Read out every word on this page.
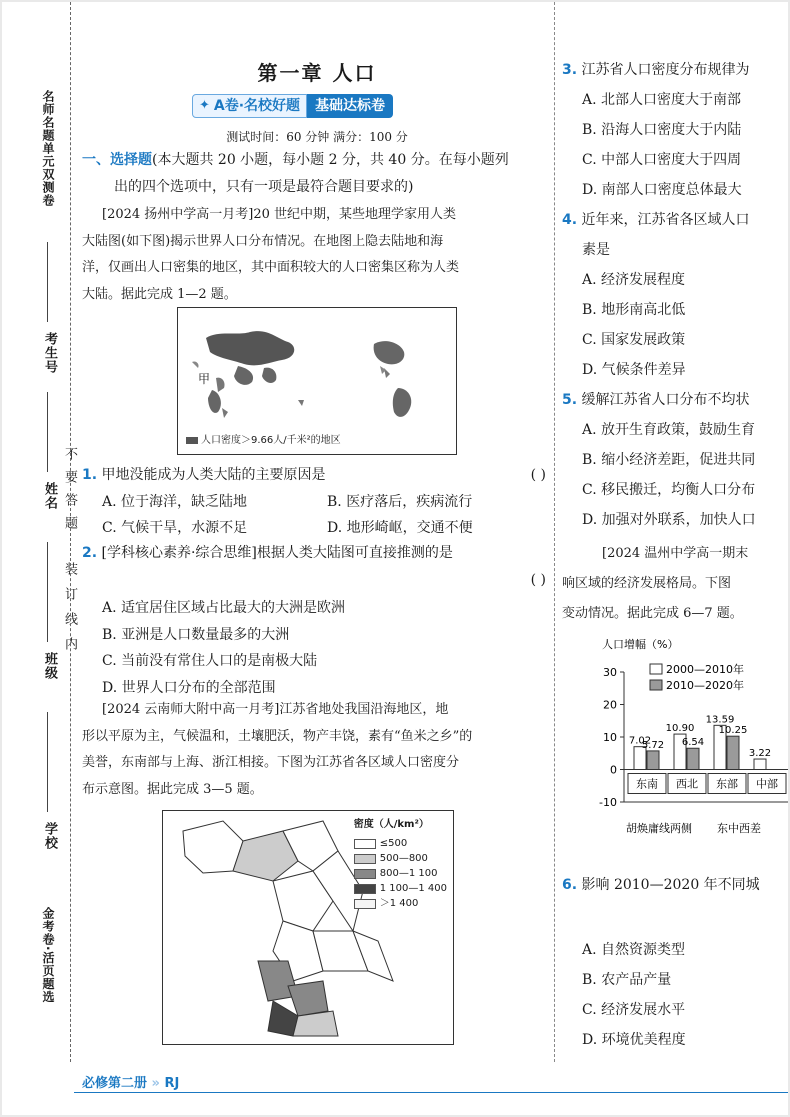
名师名题单元双测卷
考生号
姓名 不要答题
装订线内
班级
学校
金考卷·活页题选
第一章 人口
✦ A卷·名校好题	基础达标卷
测试时间：60 分钟 满分：100 分
一、选择题(本大题共 20 小题，每小题 2 分，共 40 分。在每小题列
出的四个选项中，只有一项是最符合题目要求的)
[2024 扬州中学高一月考]20 世纪中期，某些地理学家用人类
大陆图(如下图)揭示世界人口分布情况。在地图上隐去陆地和海
洋，仅画出人口密集的地区，其中面积较大的人口密集区称为人类
大陆。据此完成 1—2 题。
甲
人口密度＞9.66人/千米²的地区
1. 甲地没能成为人类大陆的主要原因是	( )
A. 位于海洋，缺乏陆地	B. 医疗落后，疾病流行
C. 气候干旱，水源不足	D. 地形崎岖，交通不便
2. [学科核心素养·综合思维]根据人类大陆图可直接推测的是
( )
A. 适宜居住区域占比最大的大洲是欧洲
B. 亚洲是人口数量最多的大洲
C. 当前没有常住人口的是南极大陆
D. 世界人口分布的全部范围
[2024 云南师大附中高一月考]江苏省地处我国沿海地区，地
形以平原为主，气候温和，土壤肥沃，物产丰饶，素有“鱼米之乡”的
美誉，东南部与上海、浙江相接。下图为江苏省各区域人口密度分
布示意图。据此完成 3—5 题。
密度（人/km²）
≤500
500—800
800—1 100
1 100—1 400
＞1 400
3. 江苏省人口密度分布规律为
A. 北部人口密度大于南部
B. 沿海人口密度大于内陆
C. 中部人口密度大于四周
D. 南部人口密度总体最大
4. 近年来，江苏省各区域人口
素是
A. 经济发展程度
B. 地形南高北低
C. 国家发展政策
D. 气候条件差异
5. 缓解江苏省人口分布不均状
A. 放开生育政策，鼓励生育
B. 缩小经济差距，促进共同
C. 移民搬迁，均衡人口分布
D. 加强对外联系，加快人口
[2024 温州中学高一期末
响区域的经济发展格局。下图
变动情况。据此完成 6—7 题。
6. 影响 2010—2020 年不同城
A. 自然资源类型
B. 农产品产量
C. 经济发展水平
D. 环境优美程度
人口增幅（%）
-10
0
10
20
30	2000—2010年
2010—2020年
7.02
5.72
东南
10.90
6.54
西北
13.59
10.25
东部
3.22
中部
胡焕庸线两侧 东中西差
必修第二册 » RJ
